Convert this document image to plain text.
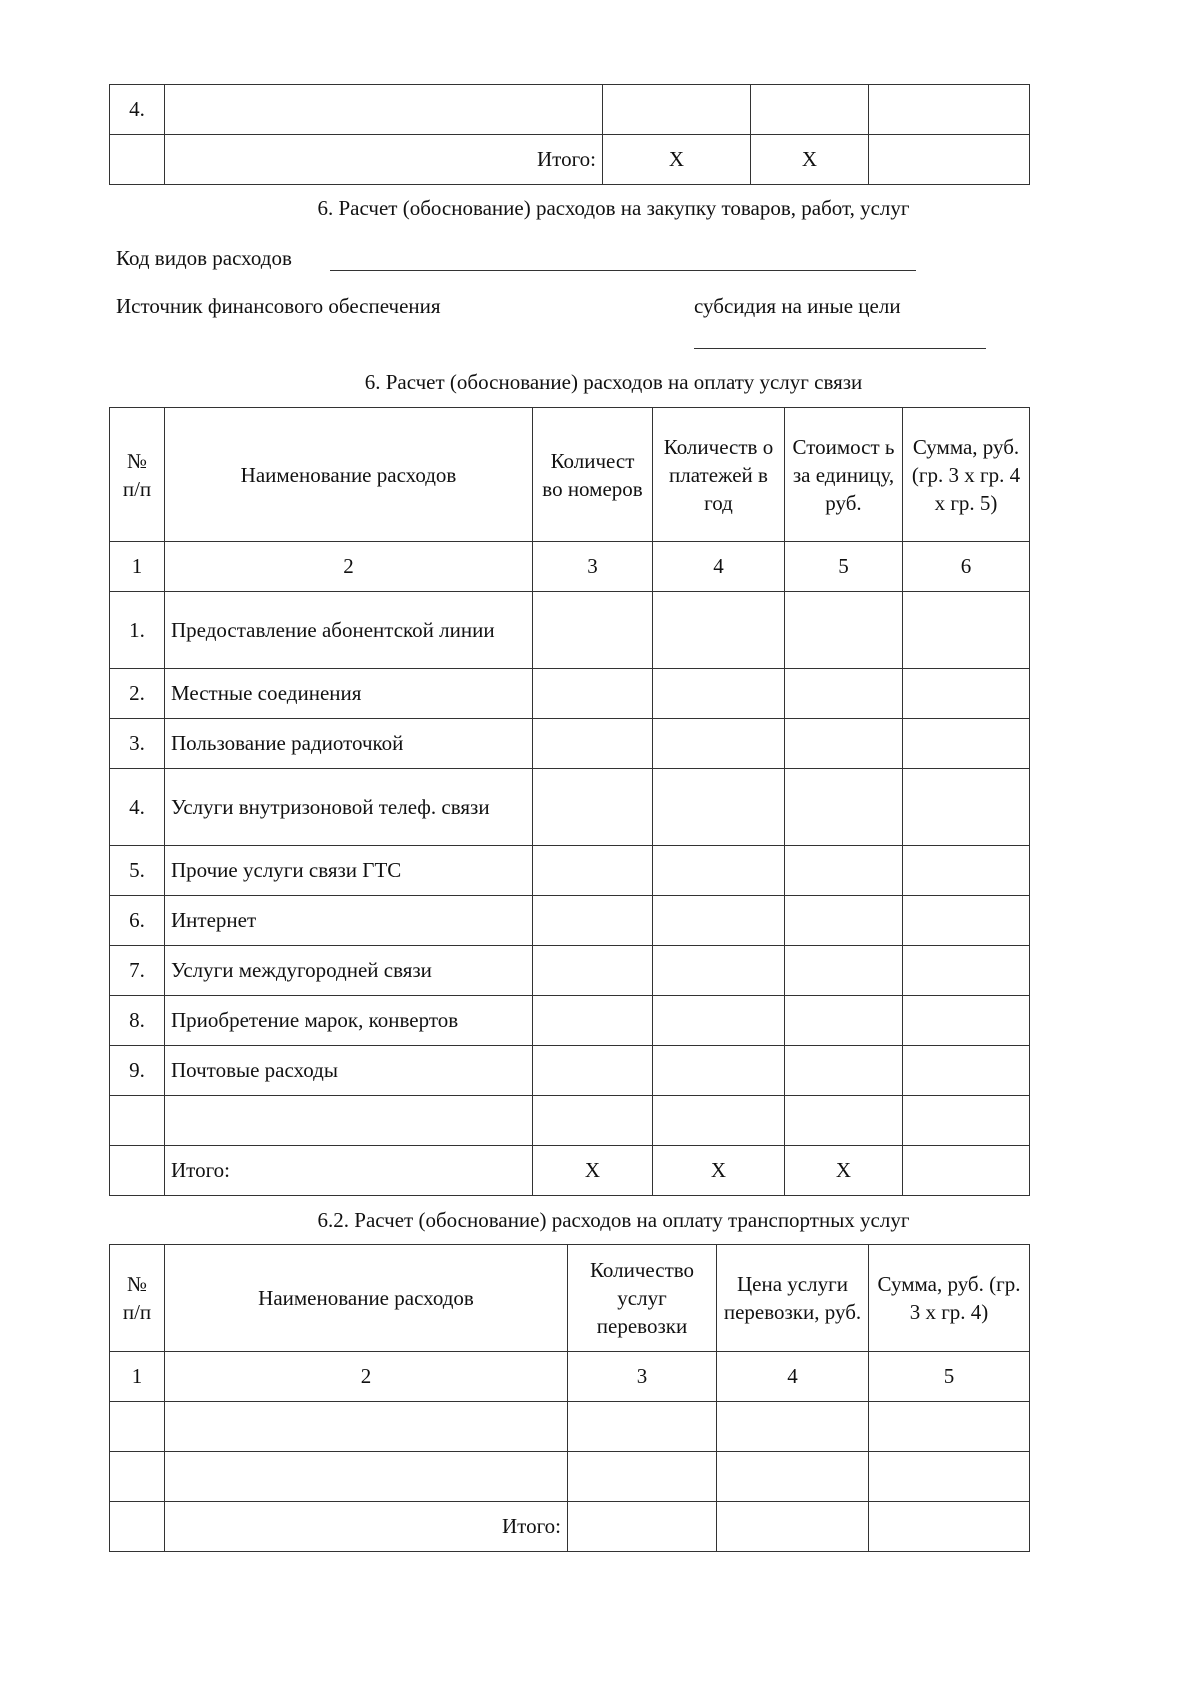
4.				
	Итого:	X	X	
6. Расчет (обоснование) расходов на закупку товаров, работ, услуг
Код видов расходов
Источник финансового обеспечения	субсидия на иные цели
6. Расчет (обоснование) расходов на оплату услуг связи
№ п/п	Наименование расходов	Количест во номеров	Количеств о платежей в год	Стоимост ь за единицу, руб.	Сумма, руб. (гр. 3 х гр. 4 х гр. 5)
1	2	3	4	5	6
1.	Предоставление абонентской линии				
2.	Местные соединения				
3.	Пользование радиоточкой				
4.	Услуги внутризоновой телеф. связи				
5.	Прочие услуги связи ГТС				
6.	Интернет				
7.	Услуги междугородней связи				
8.	Приобретение марок, конвертов				
9.	Почтовые расходы				

	Итого:	X	X	X	
6.2. Расчет (обоснование) расходов на оплату транспортных услуг
№ п/п	Наименование расходов	Количество услуг перевозки	Цена услуги перевозки, руб.	Сумма, руб. (гр. 3 х гр. 4)
1	2	3	4	5

	Итого:			
